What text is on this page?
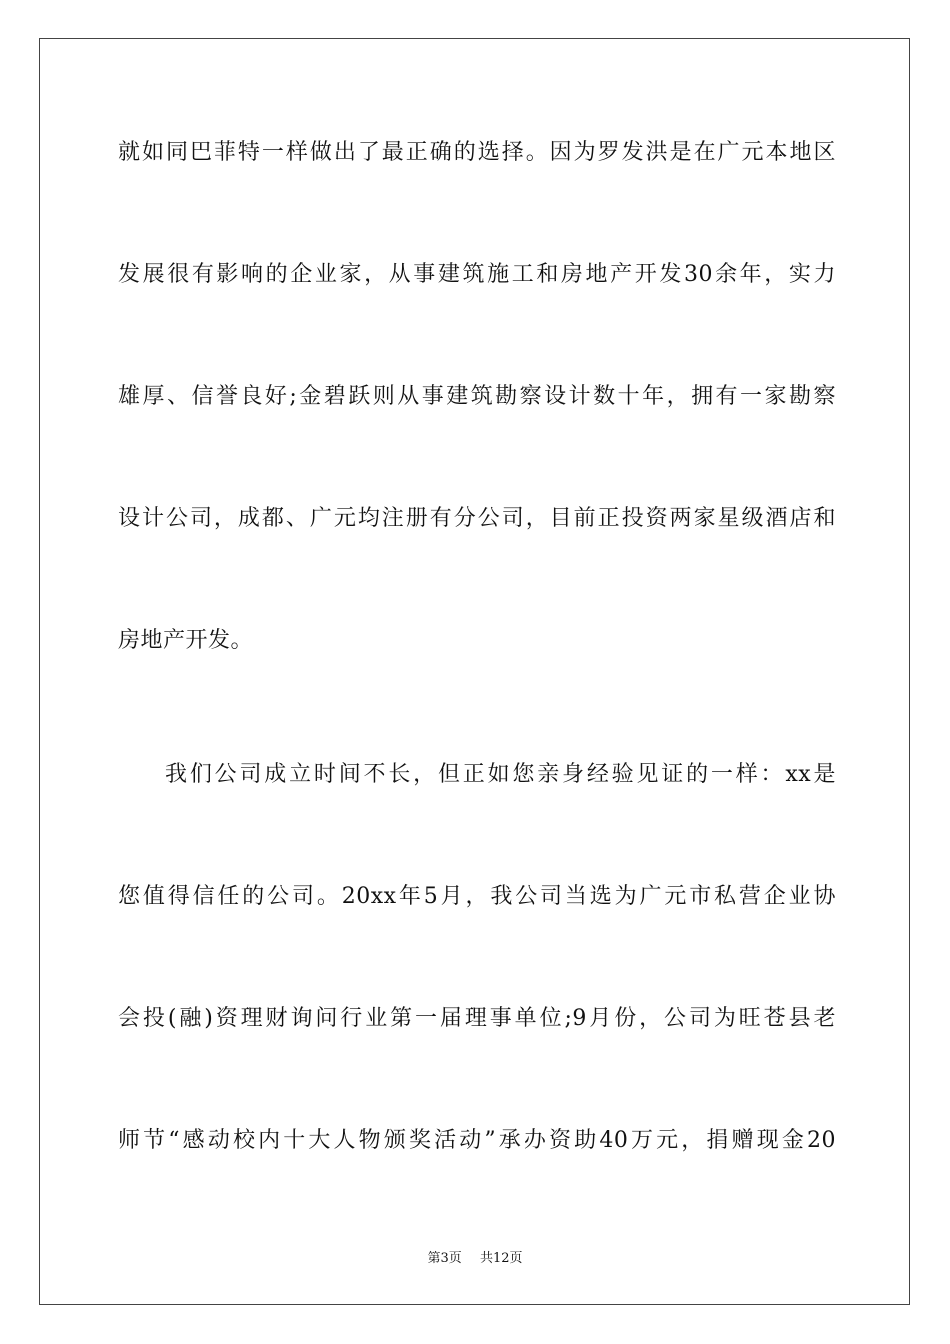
就如同巴菲特一样做出了最正确的选择。因为罗发洪是在广元本地区
发展很有影响的企业家，从事建筑施工和房地产开发30余年，实力
雄厚、信誉良好;金碧跃则从事建筑勘察设计数十年，拥有一家勘察
设计公司，成都、广元均注册有分公司，目前正投资两家星级酒店和
房地产开发。
我们公司成立时间不长，但正如您亲身经验见证的一样：xx是
您值得信任的公司。20xx年5月，我公司当选为广元市私营企业协
会投(融)资理财询问行业第一届理事单位;9月份，公司为旺苍县老
师节“感动校内十大人物颁奖活动”承办资助40万元，捐赠现金20
第3页 共12页
